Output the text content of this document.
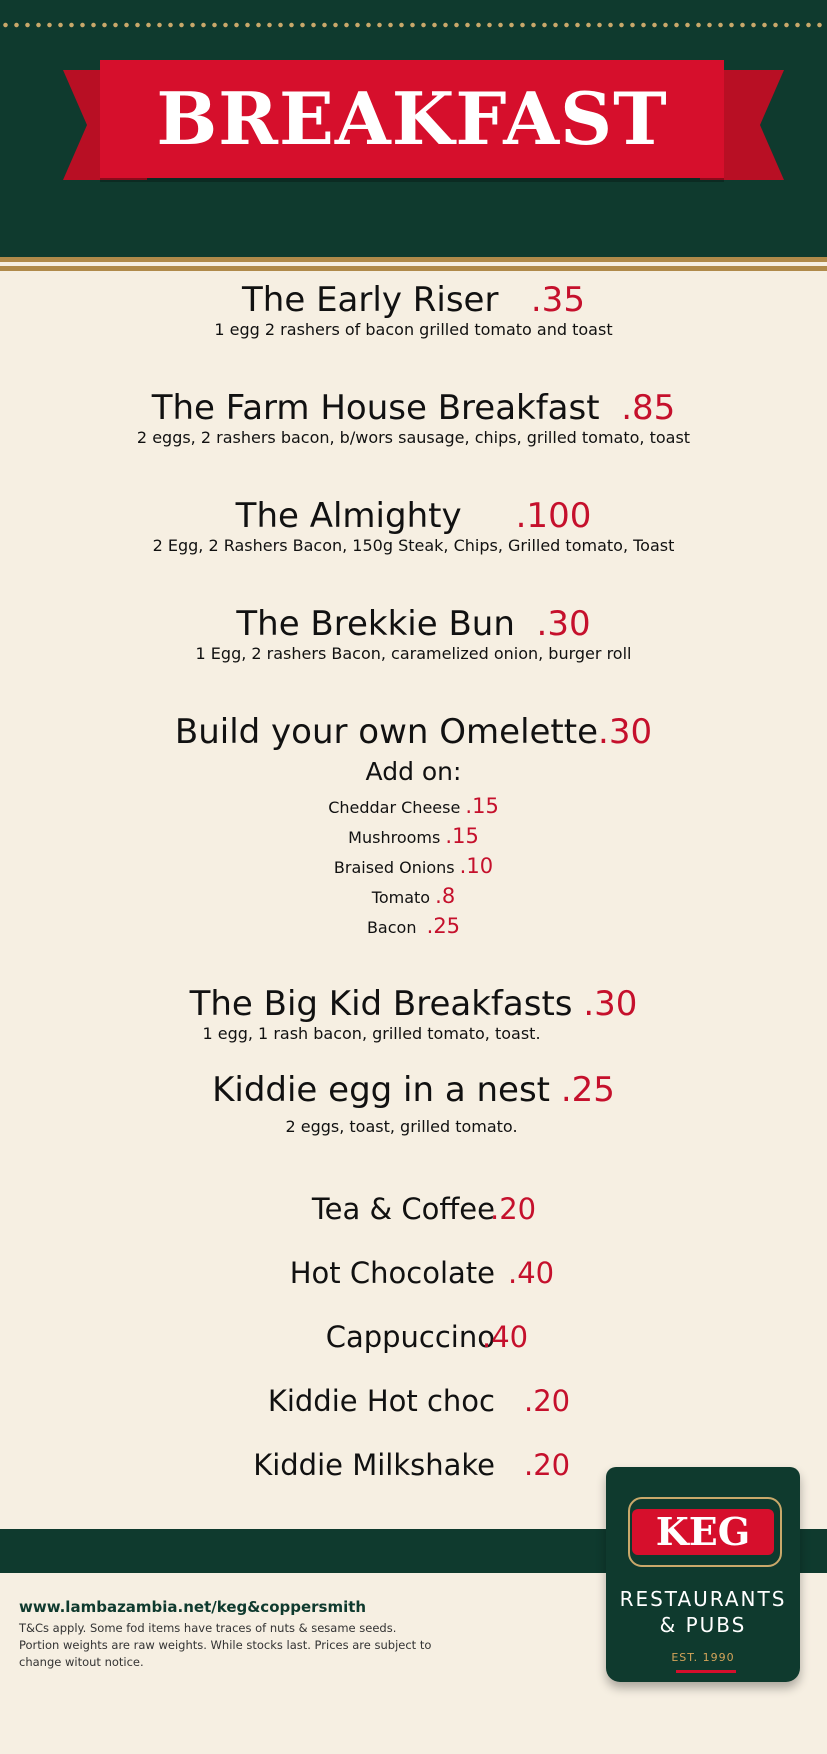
BREAKFAST
The Early Riser .35
1 egg 2 rashers of bacon grilled tomato and toast
The Farm House Breakfast .85
2 eggs, 2 rashers bacon, b/wors sausage, chips, grilled tomato, toast
The Almighty .100
2 Egg, 2 Rashers Bacon, 150g Steak, Chips, Grilled tomato, Toast
The Brekkie Bun .30
1 Egg, 2 rashers Bacon, caramelized onion, burger roll
Build your own Omelette.30
Add on:
Cheddar Cheese .15
Mushrooms .15
Braised Onions .10
Tomato .8
Bacon .25
The Big Kid Breakfasts .30
1 egg, 1 rash bacon, grilled tomato, toast.
Kiddie egg in a nest .25
2 eggs, toast, grilled tomato.
Tea & Coffee
.20
Hot Chocolate .40
Cappuccino
.40
Kiddie Hot choc .20
Kiddie Milkshake .20
www.lambazambia.net/keg&coppersmith
T&Cs apply. Some fod items have traces of nuts & sesame seeds. Portion weights are raw weights. While stocks last. Prices are subject to change witout notice.
KEG
RESTAURANTS
& PUBS
EST. 1990
